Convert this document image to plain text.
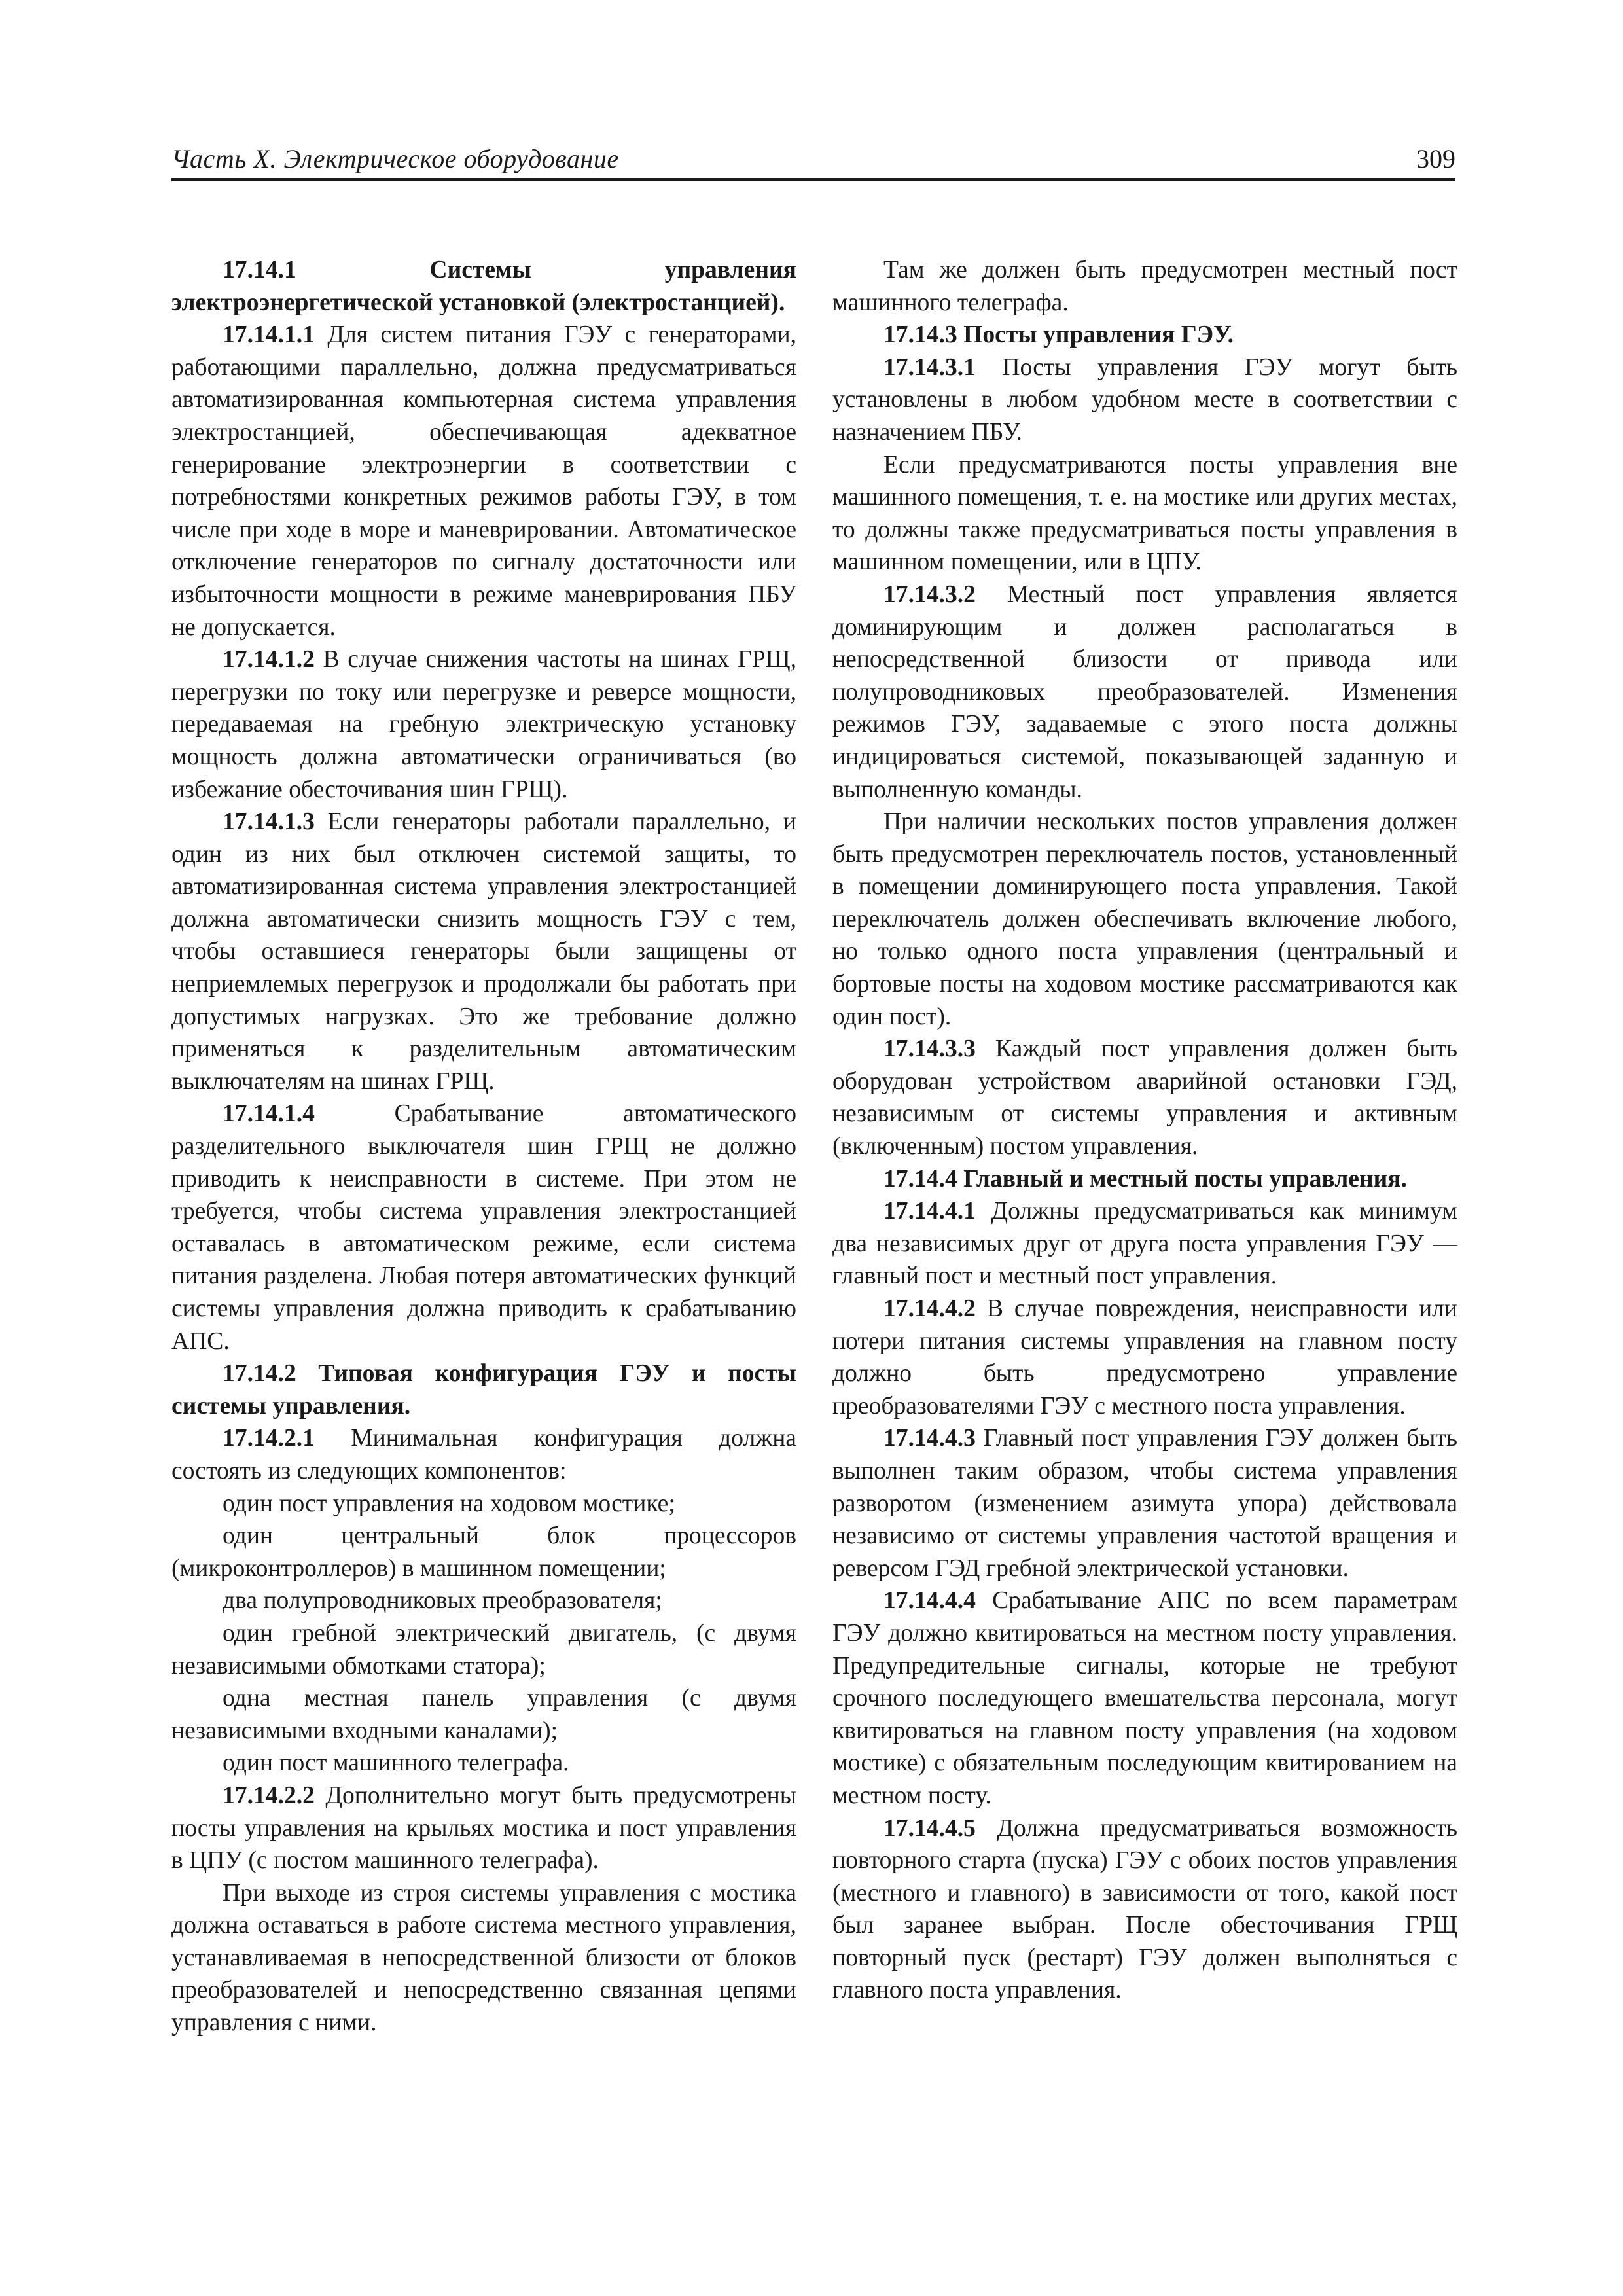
Часть X. Электрическое оборудование	309

17.14.1 Системы управления электроэнергетической установкой (электростанцией).

17.14.1.1 Для систем питания ГЭУ с генераторами, работающими параллельно, должна предусматриваться автоматизированная компьютерная система управления электростанцией, обеспечивающая адекватное генерирование электроэнергии в соответствии с потребностями конкретных режимов работы ГЭУ, в том числе при ходе в море и маневрировании. Автоматическое отключение генераторов по сигналу достаточности или избыточности мощности в режиме маневрирования ПБУ не допускается.

17.14.1.2 В случае снижения частоты на шинах ГРЩ, перегрузки по току или перегрузке и реверсе мощности, передаваемая на гребную электрическую установку мощность должна автоматически ограничиваться (во избежание обесточивания шин ГРЩ).

17.14.1.3 Если генераторы работали параллельно, и один из них был отключен системой защиты, то автоматизированная система управления электростанцией должна автоматически снизить мощность ГЭУ с тем, чтобы оставшиеся генераторы были защищены от неприемлемых перегрузок и продолжали бы работать при допустимых нагрузках. Это же требование должно применяться к разделительным автоматическим выключателям на шинах ГРЩ.

17.14.1.4 Срабатывание автоматического разделительного выключателя шин ГРЩ не должно приводить к неисправности в системе. При этом не требуется, чтобы система управления электростанцией оставалась в автоматическом режиме, если система питания разделена. Любая потеря автоматических функций системы управления должна приводить к срабатыванию АПС.

17.14.2 Типовая конфигурация ГЭУ и посты системы управления.

17.14.2.1 Минимальная конфигурация должна состоять из следующих компонентов:

один пост управления на ходовом мостике;

один центральный блок процессоров (микроконтроллеров) в машинном помещении;

два полупроводниковых преобразователя;

один гребной электрический двигатель, (с двумя независимыми обмотками статора);

одна местная панель управления (с двумя независимыми входными каналами);

один пост машинного телеграфа.

17.14.2.2 Дополнительно могут быть предусмотрены посты управления на крыльях мостика и пост управления в ЦПУ (с постом машинного телеграфа).

При выходе из строя системы управления с мостика должна оставаться в работе система местного управления, устанавливаемая в непосредственной близости от блоков преобразователей и непосредственно связанная цепями управления с ними.

Там же должен быть предусмотрен местный пост машинного телеграфа.

17.14.3 Посты управления ГЭУ.

17.14.3.1 Посты управления ГЭУ могут быть установлены в любом удобном месте в соответствии с назначением ПБУ.

Если предусматриваются посты управления вне машинного помещения, т. е. на мостике или других местах, то должны также предусматриваться посты управления в машинном помещении, или в ЦПУ.

17.14.3.2 Местный пост управления является доминирующим и должен располагаться в непосредственной близости от привода или полупроводниковых преобразователей. Изменения режимов ГЭУ, задаваемые с этого поста должны индицироваться системой, показывающей заданную и выполненную команды.

При наличии нескольких постов управления должен быть предусмотрен переключатель постов, установленный в помещении доминирующего поста управления. Такой переключатель должен обеспечивать включение любого, но только одного поста управления (центральный и бортовые посты на ходовом мостике рассматриваются как один пост).

17.14.3.3 Каждый пост управления должен быть оборудован устройством аварийной остановки ГЭД, независимым от системы управления и активным (включенным) постом управления.

17.14.4 Главный и местный посты управления.

17.14.4.1 Должны предусматриваться как минимум два независимых друг от друга поста управления ГЭУ — главный пост и местный пост управления.

17.14.4.2 В случае повреждения, неисправности или потери питания системы управления на главном посту должно быть предусмотрено управление преобразователями ГЭУ с местного поста управления.

17.14.4.3 Главный пост управления ГЭУ должен быть выполнен таким образом, чтобы система управления разворотом (изменением азимута упора) действовала независимо от системы управления частотой вращения и реверсом ГЭД гребной электрической установки.

17.14.4.4 Срабатывание АПС по всем параметрам ГЭУ должно квитироваться на местном посту управления. Предупредительные сигналы, которые не требуют срочного последующего вмешательства персонала, могут квитироваться на главном посту управления (на ходовом мостике) с обязательным последующим квитированием на местном посту.

17.14.4.5 Должна предусматриваться возможность повторного старта (пуска) ГЭУ с обоих постов управления (местного и главного) в зависимости от того, какой пост был заранее выбран. После обесточивания ГРЩ повторный пуск (рестарт) ГЭУ должен выполняться с главного поста управления.
